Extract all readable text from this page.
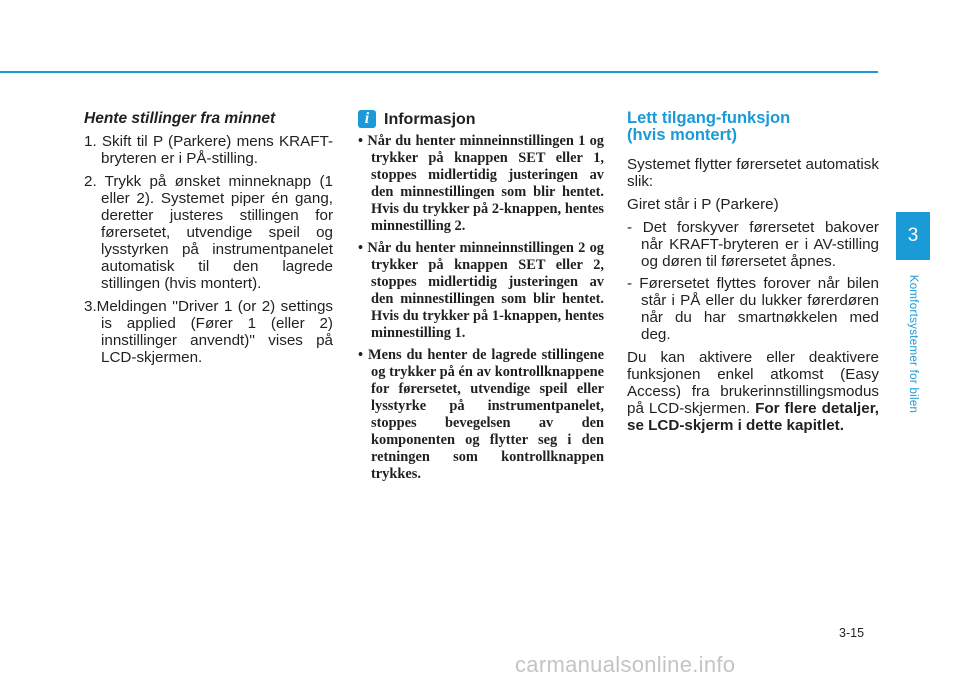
Hente stillinger fra minnet
1. Skift til P (Parkere) mens KRAFT-bryteren er i PÅ-stilling.
2. Trykk på ønsket minneknapp (1 eller 2). Systemet piper én gang, deretter justeres stillingen for førersetet, utvendige speil og lysstyrken på instrumentpanelet automatisk til den lagrede stillingen (hvis montert).
3.Meldingen ''Driver 1 (or 2) settings is applied (Fører 1 (eller 2) innstillinger anvendt)'' vises på LCD-skjermen.
i Informasjon
• Når du henter minneinnstillingen 1 og trykker på knappen SET eller 1, stoppes midlertidig justeringen av den minnestillingen som blir hentet. Hvis du trykker på 2-knappen, hentes minnestilling 2.
• Når du henter minneinnstillingen 2 og trykker på knappen SET eller 2, stoppes midlertidig justeringen av den minnestillingen som blir hentet. Hvis du trykker på 1-knappen, hentes minnestilling 1.
• Mens du henter de lagrede stillingene og trykker på én av kontrollknappene for førersetet, utvendige speil eller lysstyrke på instrumentpanelet, stoppes bevegelsen av den komponenten og flytter seg i den retningen som kontrollknappen trykkes.
Lett tilgang-funksjon
(hvis montert)

Systemet flytter førersetet automatisk slik:

Giret står i P (Parkere)

- Det forskyver førersetet bakover når KRAFT-bryteren er i AV-stilling og døren til førersetet åpnes.
- Førersetet flyttes forover når bilen står i PÅ eller du lukker førerdøren når du har smartnøkkelen med deg.

Du kan aktivere eller deaktivere funksjonen enkel atkomst (Easy Access) fra brukerinnstillingsmodus på LCD-skjermen. For flere detaljer, se LCD-skjerm i dette kapitlet.

3
Komfortsystemer for bilen
3-15
carmanualsonline.info
